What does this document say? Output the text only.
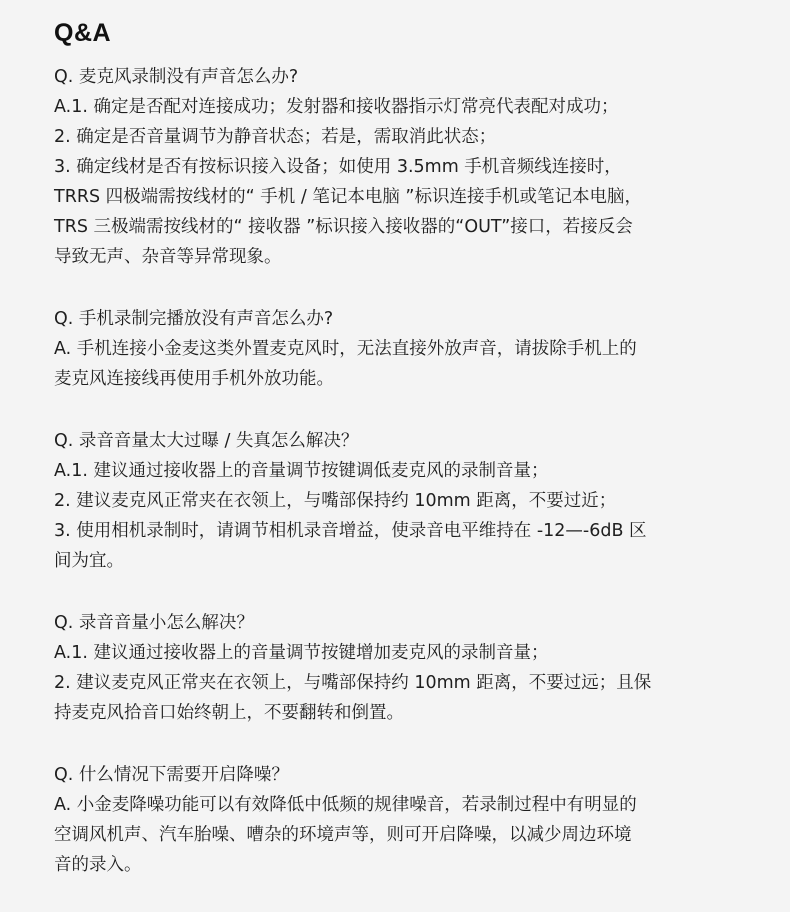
Q&A

Q. 麦克风录制没有声音怎么办?

A.1. 确定是否配对连接成功；发射器和接收器指示灯常亮代表配对成功；

2. 确定是否音量调节为静音状态；若是，需取消此状态；

3. 确定线材是否有按标识接入设备；如使用 3.5mm 手机音频线连接时，

TRRS 四极端需按线材的“ 手机 / 笔记本电脑 ”标识连接手机或笔记本电脑，

TRS 三极端需按线材的“ 接收器 ”标识接入接收器的“OUT”接口，若接反会

导致无声、杂音等异常现象。

Q. 手机录制完播放没有声音怎么办?

A. 手机连接小金麦这类外置麦克风时，无法直接外放声音，请拔除手机上的

麦克风连接线再使用手机外放功能。

Q. 录音音量太大过曝 / 失真怎么解决？

A.1. 建议通过接收器上的音量调节按键调低麦克风的录制音量；

2. 建议麦克风正常夹在衣领上，与嘴部保持约 10mm 距离，不要过近；

3. 使用相机录制时，请调节相机录音增益，使录音电平维持在 -12—-6dB 区

间为宜。

Q. 录音音量小怎么解决？

A.1. 建议通过接收器上的音量调节按键增加麦克风的录制音量；

2. 建议麦克风正常夹在衣领上，与嘴部保持约 10mm 距离，不要过远；且保

持麦克风拾音口始终朝上，不要翻转和倒置。

Q. 什么情况下需要开启降噪？

A. 小金麦降噪功能可以有效降低中低频的规律噪音，若录制过程中有明显的

空调风机声、汽车胎噪、嘈杂的环境声等，则可开启降噪，以减少周边环境

音的录入。
